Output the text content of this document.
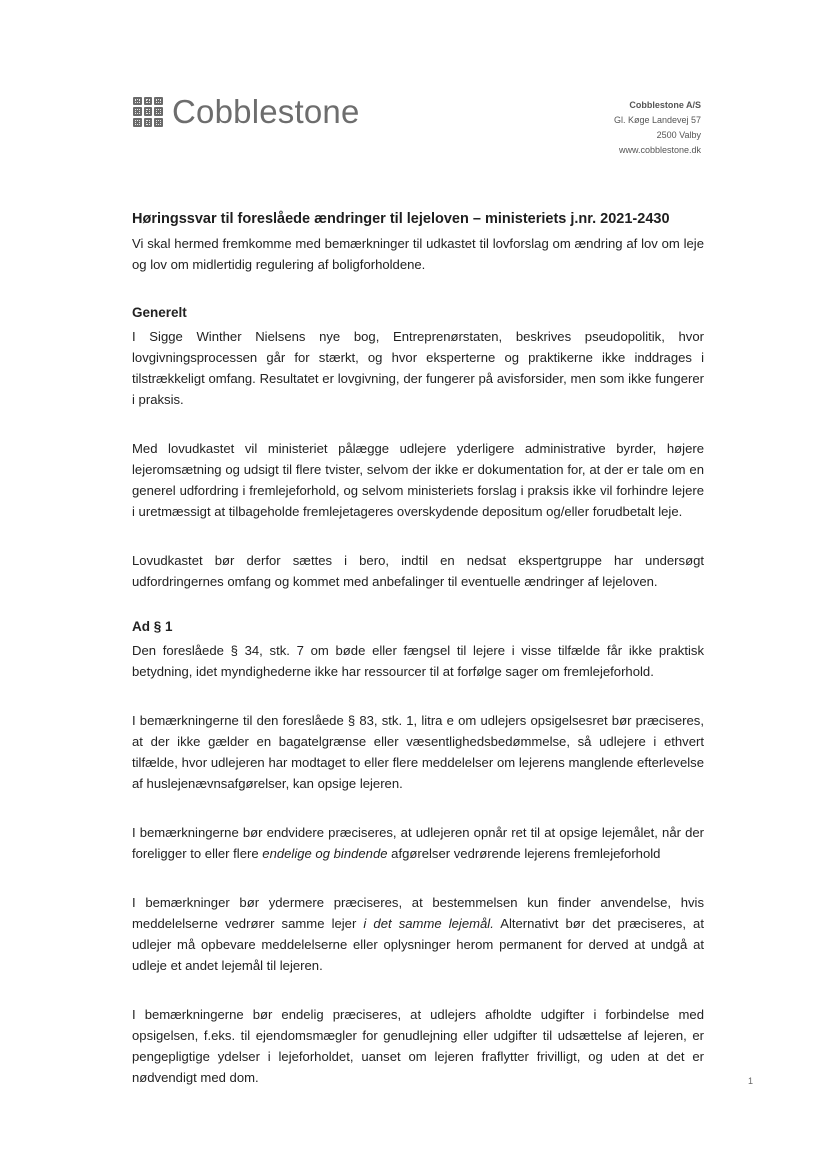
Cobblestone	Cobblestone A/S
Gl. Køge Landevej 57
2500 Valby
www.cobblestone.dk
Høringssvar til foreslåede ændringer til lejeloven – ministeriets j.nr. 2021-2430

Vi skal hermed fremkomme med bemærkninger til udkastet til lovforslag om ændring af lov om leje og lov om midlertidig regulering af boligforholdene.

Generelt

I Sigge Winther Nielsens nye bog, Entreprenørstaten, beskrives pseudopolitik, hvor lovgivningsprocessen går for stærkt, og hvor eksperterne og praktikerne ikke inddrages i tilstrækkeligt omfang. Resultatet er lovgivning, der fungerer på avisforsider, men som ikke fungerer i praksis.

Med lovudkastet vil ministeriet pålægge udlejere yderligere administrative byrder, højere lejeromsætning og udsigt til flere tvister, selvom der ikke er dokumentation for, at der er tale om en generel udfordring i fremlejeforhold, og selvom ministeriets forslag i praksis ikke vil forhindre lejere i uretmæssigt at tilbageholde fremlejetageres overskydende depositum og/eller forudbetalt leje.

Lovudkastet bør derfor sættes i bero, indtil en nedsat ekspertgruppe har undersøgt udfordringernes omfang og kommet med anbefalinger til eventuelle ændringer af lejeloven.

Ad § 1

Den foreslåede § 34, stk. 7 om bøde eller fængsel til lejere i visse tilfælde får ikke praktisk betydning, idet myndighederne ikke har ressourcer til at forfølge sager om fremlejeforhold.

I bemærkningerne til den foreslåede § 83, stk. 1, litra e om udlejers opsigelsesret bør præciseres, at der ikke gælder en bagatelgrænse eller væsentlighedsbedømmelse, så udlejere i ethvert tilfælde, hvor udlejeren har modtaget to eller flere meddelelser om lejerens manglende efterlevelse af huslejenævnsafgørelser, kan opsige lejeren.

I bemærkningerne bør endvidere præciseres, at udlejeren opnår ret til at opsige lejemålet, når der foreligger to eller flere endelige og bindende afgørelser vedrørende lejerens fremlejeforhold

I bemærkninger bør ydermere præciseres, at bestemmelsen kun finder anvendelse, hvis meddelelserne vedrører samme lejer i det samme lejemål. Alternativt bør det præciseres, at udlejer må opbevare meddelelserne eller oplysninger herom permanent for derved at undgå at udleje et andet lejemål til lejeren.

I bemærkningerne bør endelig præciseres, at udlejers afholdte udgifter i forbindelse med opsigelsen, f.eks. til ejendomsmægler for genudlejning eller udgifter til udsættelse af lejeren, er pengepligtige ydelser i lejeforholdet, uanset om lejeren fraflytter frivilligt, og uden at det er nødvendigt med dom.	1
